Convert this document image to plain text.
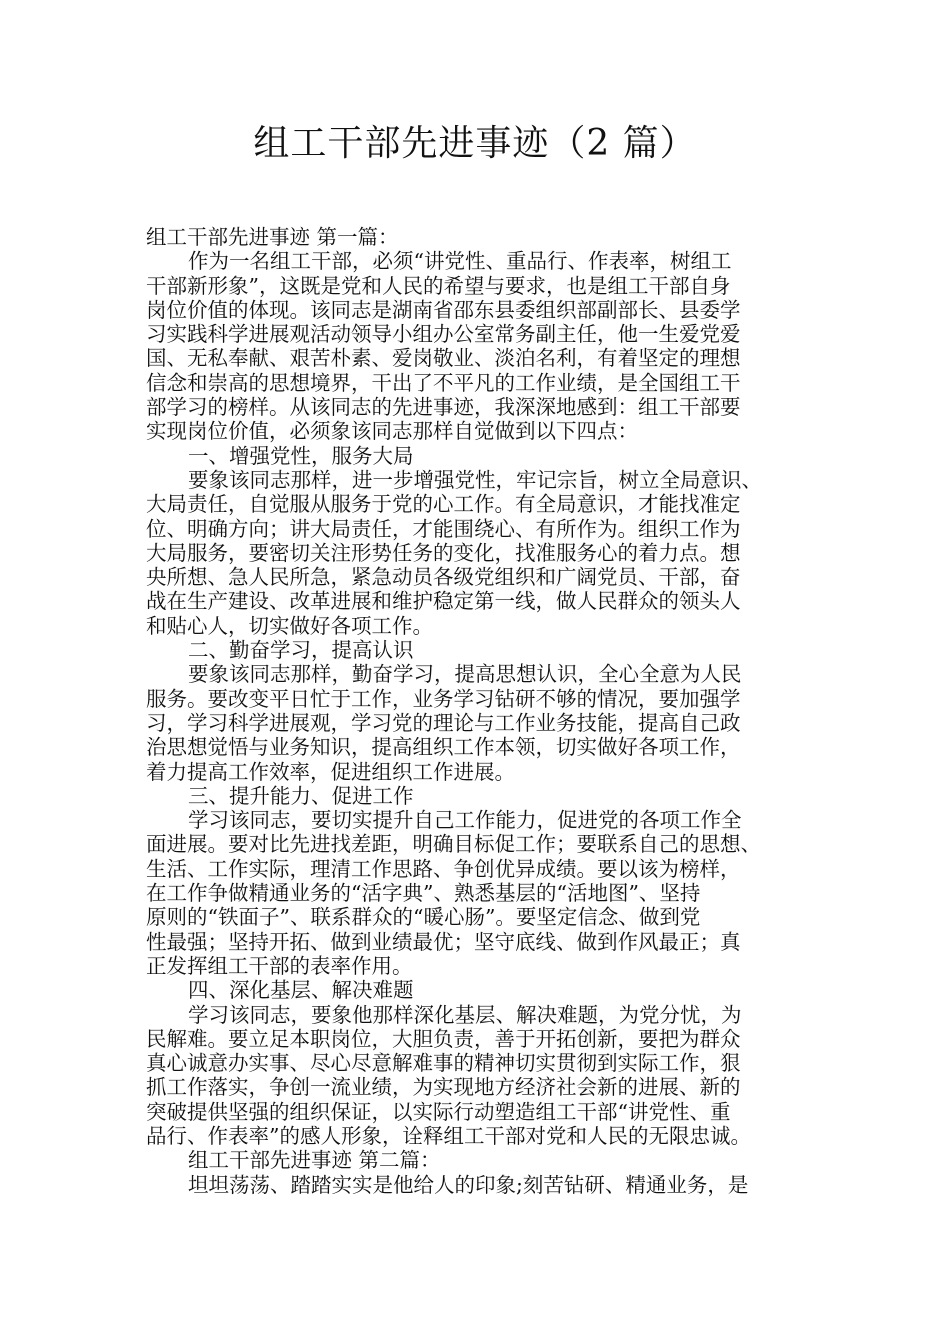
组工干部先进事迹（2 篇）
组工干部先进事迹 第一篇：
作为一名组工干部，必须“讲党性、重品行、作表率，树组工
干部新形象”，这既是党和人民的希望与要求，也是组工干部自身
岗位价值的体现。该同志是湖南省邵东县委组织部副部长、县委学
习实践科学进展观活动领导小组办公室常务副主任，他一生爱党爱
国、无私奉献、艰苦朴素、爱岗敬业、淡泊名利，有着坚定的理想
信念和崇高的思想境界，干出了不平凡的工作业绩，是全国组工干
部学习的榜样。从该同志的先进事迹，我深深地感到：组工干部要
实现岗位价值，必须象该同志那样自觉做到以下四点：
一、增强党性，服务大局
要象该同志那样，进一步增强党性，牢记宗旨，树立全局意识、
大局责任，自觉服从服务于党的心工作。有全局意识，才能找准定
位、明确方向；讲大局责任，才能围绕心、有所作为。组织工作为
大局服务，要密切关注形势任务的变化，找准服务心的着力点。想
央所想、急人民所急，紧急动员各级党组织和广阔党员、干部，奋
战在生产建设、改革进展和维护稳定第一线，做人民群众的领头人
和贴心人，切实做好各项工作。
二、勤奋学习，提高认识
要象该同志那样，勤奋学习，提高思想认识，全心全意为人民
服务。要改变平日忙于工作，业务学习钻研不够的情况，要加强学
习，学习科学进展观，学习党的理论与工作业务技能，提高自己政
治思想觉悟与业务知识，提高组织工作本领，切实做好各项工作，
着力提高工作效率，促进组织工作进展。
三、提升能力、促进工作
学习该同志，要切实提升自己工作能力，促进党的各项工作全
面进展。要对比先进找差距，明确目标促工作；要联系自己的思想、
生活、工作实际，理清工作思路、争创优异成绩。要以该为榜样，
在工作争做精通业务的“活字典”、熟悉基层的“活地图”、坚持
原则的“铁面子”、联系群众的“暖心肠”。要坚定信念、做到党
性最强；坚持开拓、做到业绩最优；坚守底线、做到作风最正；真
正发挥组工干部的表率作用。
四、深化基层、解决难题
学习该同志，要象他那样深化基层、解决难题，为党分忧，为
民解难。要立足本职岗位，大胆负责，善于开拓创新，要把为群众
真心诚意办实事、尽心尽意解难事的精神切实贯彻到实际工作，狠
抓工作落实，争创一流业绩，为实现地方经济社会新的进展、新的
突破提供坚强的组织保证，以实际行动塑造组工干部“讲党性、重
品行、作表率”的感人形象，诠释组工干部对党和人民的无限忠诚。
组工干部先进事迹 第二篇：
坦坦荡荡、踏踏实实是他给人的印象;刻苦钻研、精通业务，是
